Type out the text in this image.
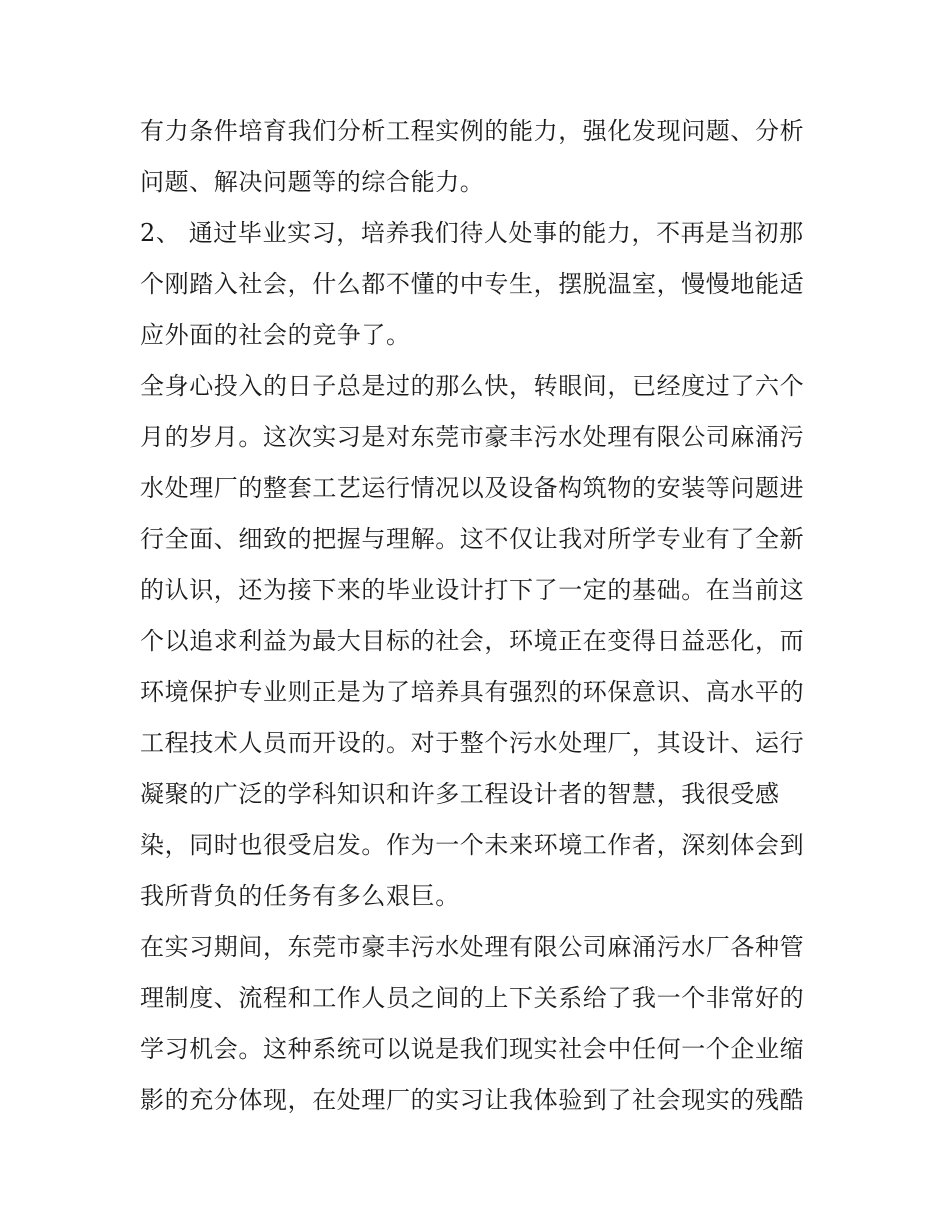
有力条件培育我们分析工程实例的能力，强化发现问题、分析
问题、解决问题等的综合能力。
2、 通过毕业实习，培养我们待人处事的能力，不再是当初那
个刚踏入社会，什么都不懂的中专生，摆脱温室，慢慢地能适
应外面的社会的竞争了。
全身心投入的日子总是过的那么快，转眼间，已经度过了六个
月的岁月。这次实习是对东莞市豪丰污水处理有限公司麻涌污
水处理厂的整套工艺运行情况以及设备构筑物的安装等问题进
行全面、细致的把握与理解。这不仅让我对所学专业有了全新
的认识，还为接下来的毕业设计打下了一定的基础。在当前这
个以追求利益为最大目标的社会，环境正在变得日益恶化，而
环境保护专业则正是为了培养具有强烈的环保意识、高水平的
工程技术人员而开设的。对于整个污水处理厂，其设计、运行
凝聚的广泛的学科知识和许多工程设计者的智慧，我很受感
染，同时也很受启发。作为一个未来环境工作者，深刻体会到
我所背负的任务有多么艰巨。
在实习期间，东莞市豪丰污水处理有限公司麻涌污水厂各种管
理制度、流程和工作人员之间的上下关系给了我一个非常好的
学习机会。这种系统可以说是我们现实社会中任何一个企业缩
影的充分体现，在处理厂的实习让我体验到了社会现实的残酷
